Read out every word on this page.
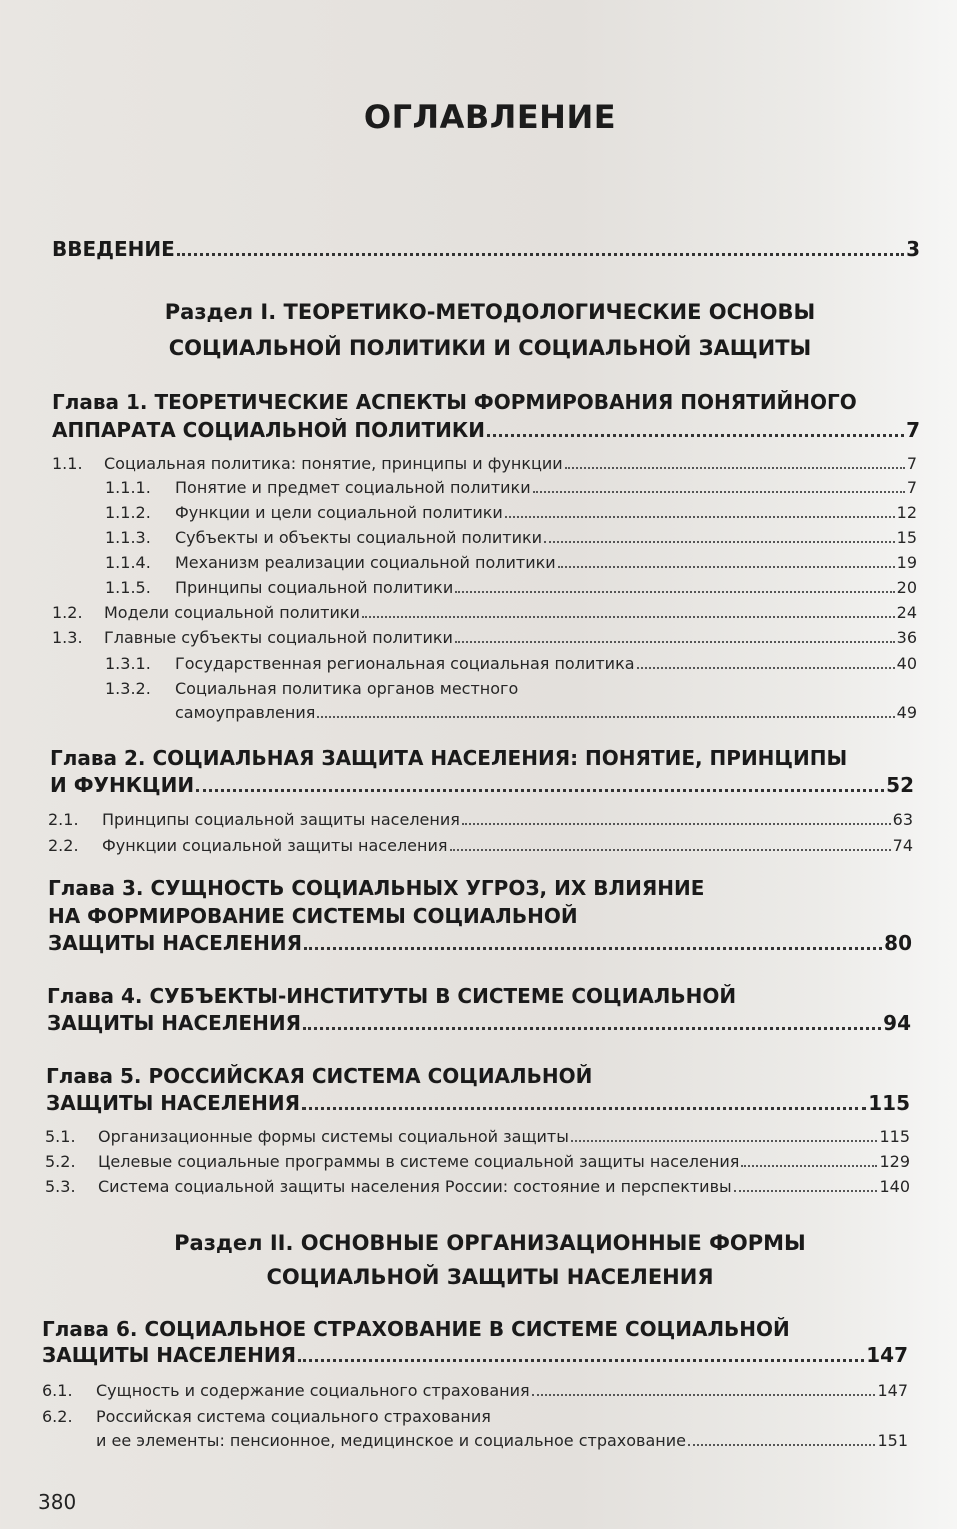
ОГЛАВЛЕНИЕ
ВВЕДЕНИЕ	3
Раздел I. ТЕОРЕТИКО-МЕТОДОЛОГИЧЕСКИЕ ОСНОВЫ
СОЦИАЛЬНОЙ ПОЛИТИКИ И СОЦИАЛЬНОЙ ЗАЩИТЫ
Глава 1. ТЕОРЕТИЧЕСКИЕ АСПЕКТЫ ФОРМИРОВАНИЯ ПОНЯТИЙНОГО
АППАРАТА СОЦИАЛЬНОЙ ПОЛИТИКИ	7
1.1. Социальная политика: понятие, принципы и функции	7
1.1.1. Понятие и предмет социальной политики	7
1.1.2. Функции и цели социальной политики	12
1.1.3. Субъекты и объекты социальной политики	15
1.1.4. Механизм реализации социальной политики	19
1.1.5. Принципы социальной политики	20
1.2. Модели социальной политики	24
1.3. Главные субъекты социальной политики	36
1.3.1. Государственная региональная социальная политика	40
1.3.2. Социальная политика органов местного
самоуправления	49
Глава 2. СОЦИАЛЬНАЯ ЗАЩИТА НАСЕЛЕНИЯ: ПОНЯТИЕ, ПРИНЦИПЫ
И ФУНКЦИИ	52
2.1. Принципы социальной защиты населения	63
2.2. Функции социальной защиты населения	74
Глава 3. СУЩНОСТЬ СОЦИАЛЬНЫХ УГРОЗ, ИХ ВЛИЯНИЕ
НА ФОРМИРОВАНИЕ СИСТЕМЫ СОЦИАЛЬНОЙ
ЗАЩИТЫ НАСЕЛЕНИЯ	80
Глава 4. СУБЪЕКТЫ-ИНСТИТУТЫ В СИСТЕМЕ СОЦИАЛЬНОЙ
ЗАЩИТЫ НАСЕЛЕНИЯ	94
Глава 5. РОССИЙСКАЯ СИСТЕМА СОЦИАЛЬНОЙ
ЗАЩИТЫ НАСЕЛЕНИЯ	115
5.1. Организационные формы системы социальной защиты	115
5.2. Целевые социальные программы в системе социальной защиты населения	129
5.3. Система социальной защиты населения России: состояние и перспективы	140
Раздел II. ОСНОВНЫЕ ОРГАНИЗАЦИОННЫЕ ФОРМЫ
СОЦИАЛЬНОЙ ЗАЩИТЫ НАСЕЛЕНИЯ
Глава 6. СОЦИАЛЬНОЕ СТРАХОВАНИЕ В СИСТЕМЕ СОЦИАЛЬНОЙ
ЗАЩИТЫ НАСЕЛЕНИЯ	147
6.1. Сущность и содержание социального страхования	147
6.2. Российская система социального страхования
и ее элементы: пенсионное, медицинское и социальное страхование	151
380
